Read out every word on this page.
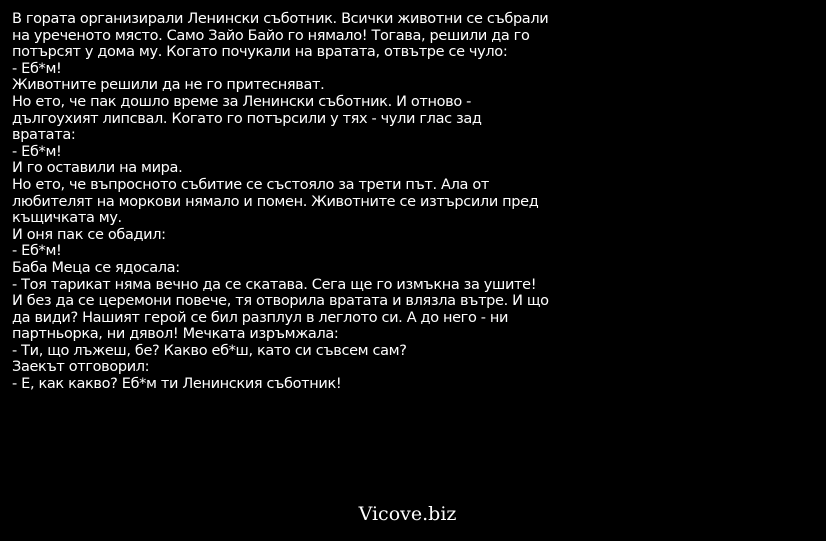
В гората организирали Ленински съботник. Всички животни се събрали
на уреченото място. Само Зайо Байо го нямало! Тогава, решили да го
потърсят у дома му. Когато почукали на вратата, отвътре се чуло:
- Еб*м!
Животните решили да не го притесняват.
Но ето, че пак дошло време за Ленински съботник. И отново -
дългоухият липсвал. Когато го потърсили у тях - чули глас зад
вратата:
- Еб*м!
И го оставили на мира.
Но ето, че въпросното събитие се състояло за трети път. Ала от
любителят на моркови нямало и помен. Животните се изтърсили пред
къщичката му.
И оня пак се обадил:
- Еб*м!
Баба Меца се ядосала:
- Тоя тарикат няма вечно да се скатава. Сега ще го измъкна за ушите!
И без да се церемони повече, тя отворила вратата и влязла вътре. И що
да види? Нашият герой се бил разплул в леглото си. А до него - ни
партньорка, ни дявол! Мечката изръмжала:
- Ти, що лъжеш, бе? Какво еб*ш, като си съвсем сам?
Заекът отговорил:
- Е, как какво? Еб*м ти Ленинския съботник!
Vicove.biz
